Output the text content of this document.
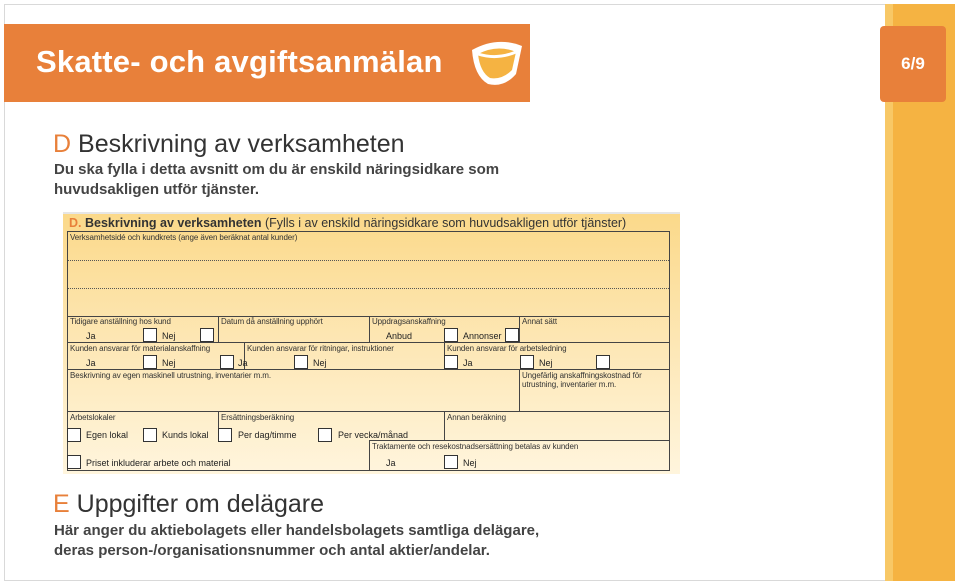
6/9
Skatte- och avgiftsanmälan
D Beskrivning av verksamheten
Du ska fylla i detta avsnitt om du är enskild näringsidkare som
huvudsakligen utför tjänster.
D. Beskrivning av verksamheten (Fylls i av enskild näringsidkare som huvudsakligen utför tjänster)
Verksamhetsidé och kundkrets (ange även beräknat antal kunder)
Tidigare anställning hos kund	Datum då anställning upphört	Uppdragsanskaffning	Annat sätt
Ja	Nej	Anbud	Annonser
Kunden ansvarar för materialanskaffning	Kunden ansvarar för ritningar, instruktioner	Kunden ansvarar för arbetsledning
Ja	Nej	Ja	Nej	Ja	Nej
Beskrivning av egen maskinell utrustning, inventarier m.m.	Ungefärlig anskaffningskostnad för
utrustning, inventarier m.m.
Arbetslokaler	Ersättningsberäkning	Annan beräkning
Egen lokal	Kunds lokal	Per dag/timme	Per vecka/månad
Traktamente och resekostnadsersättning betalas av kunden
Priset inkluderar arbete och material	Ja	Nej
E Uppgifter om delägare
Här anger du aktiebolagets eller handelsbolagets samtliga delägare,
deras person-/organisationsnummer och antal aktier/andelar.
